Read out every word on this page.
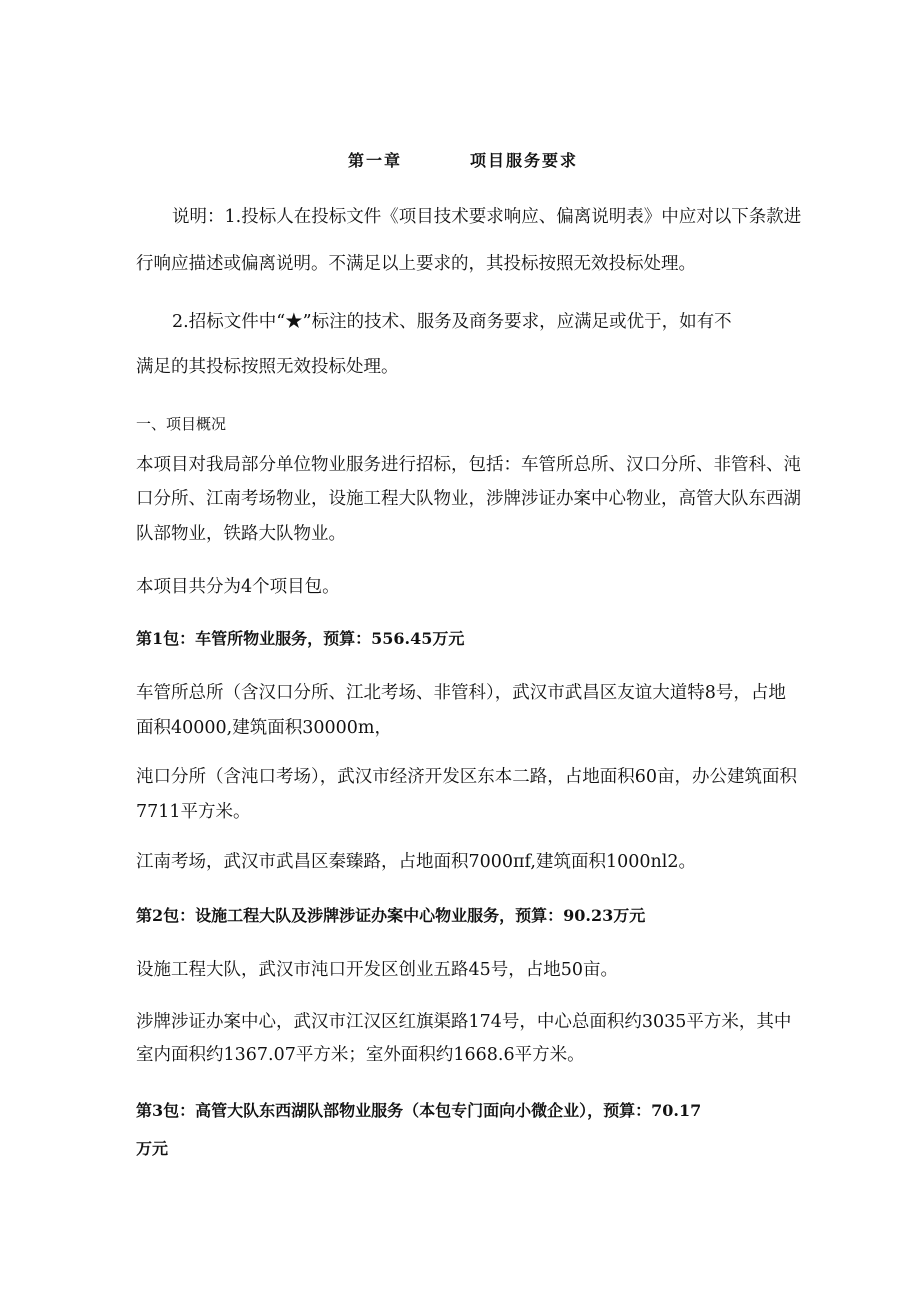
第一章	项目服务要求
说明：1.投标人在投标文件《项目技术要求响应、偏离说明表》中应对以下条款进
行响应描述或偏离说明。不满足以上要求的，其投标按照无效投标处理。
2.招标文件中“★”标注的技术、服务及商务要求，应满足或优于，如有不
满足的其投标按照无效投标处理。
一、项目概况
本项目对我局部分单位物业服务进行招标，包括：车管所总所、汉口分所、非管科、沌
口分所、江南考场物业，设施工程大队物业，涉牌涉证办案中心物业，高管大队东西湖
队部物业，铁路大队物业。
本项目共分为4个项目包。
第1包：车管所物业服务，预算：556.45万元
车管所总所（含汉口分所、江北考场、非管科），武汉市武昌区友谊大道特8号，占地
面积40000,建筑面积30000m，
沌口分所（含沌口考场），武汉市经济开发区东本二路，占地面积60亩，办公建筑面积
7711平方米。
江南考场，武汉市武昌区秦臻路，占地面积7000πf,建筑面积1000nl2。
第2包：设施工程大队及涉牌涉证办案中心物业服务，预算：90.23万元
设施工程大队，武汉市沌口开发区创业五路45号，占地50亩。
涉牌涉证办案中心，武汉市江汉区红旗渠路174号，中心总面积约3035平方米，其中
室内面积约1367.07平方米；室外面积约1668.6平方米。
第3包：高管大队东西湖队部物业服务（本包专门面向小微企业），预算：70.17
万元
